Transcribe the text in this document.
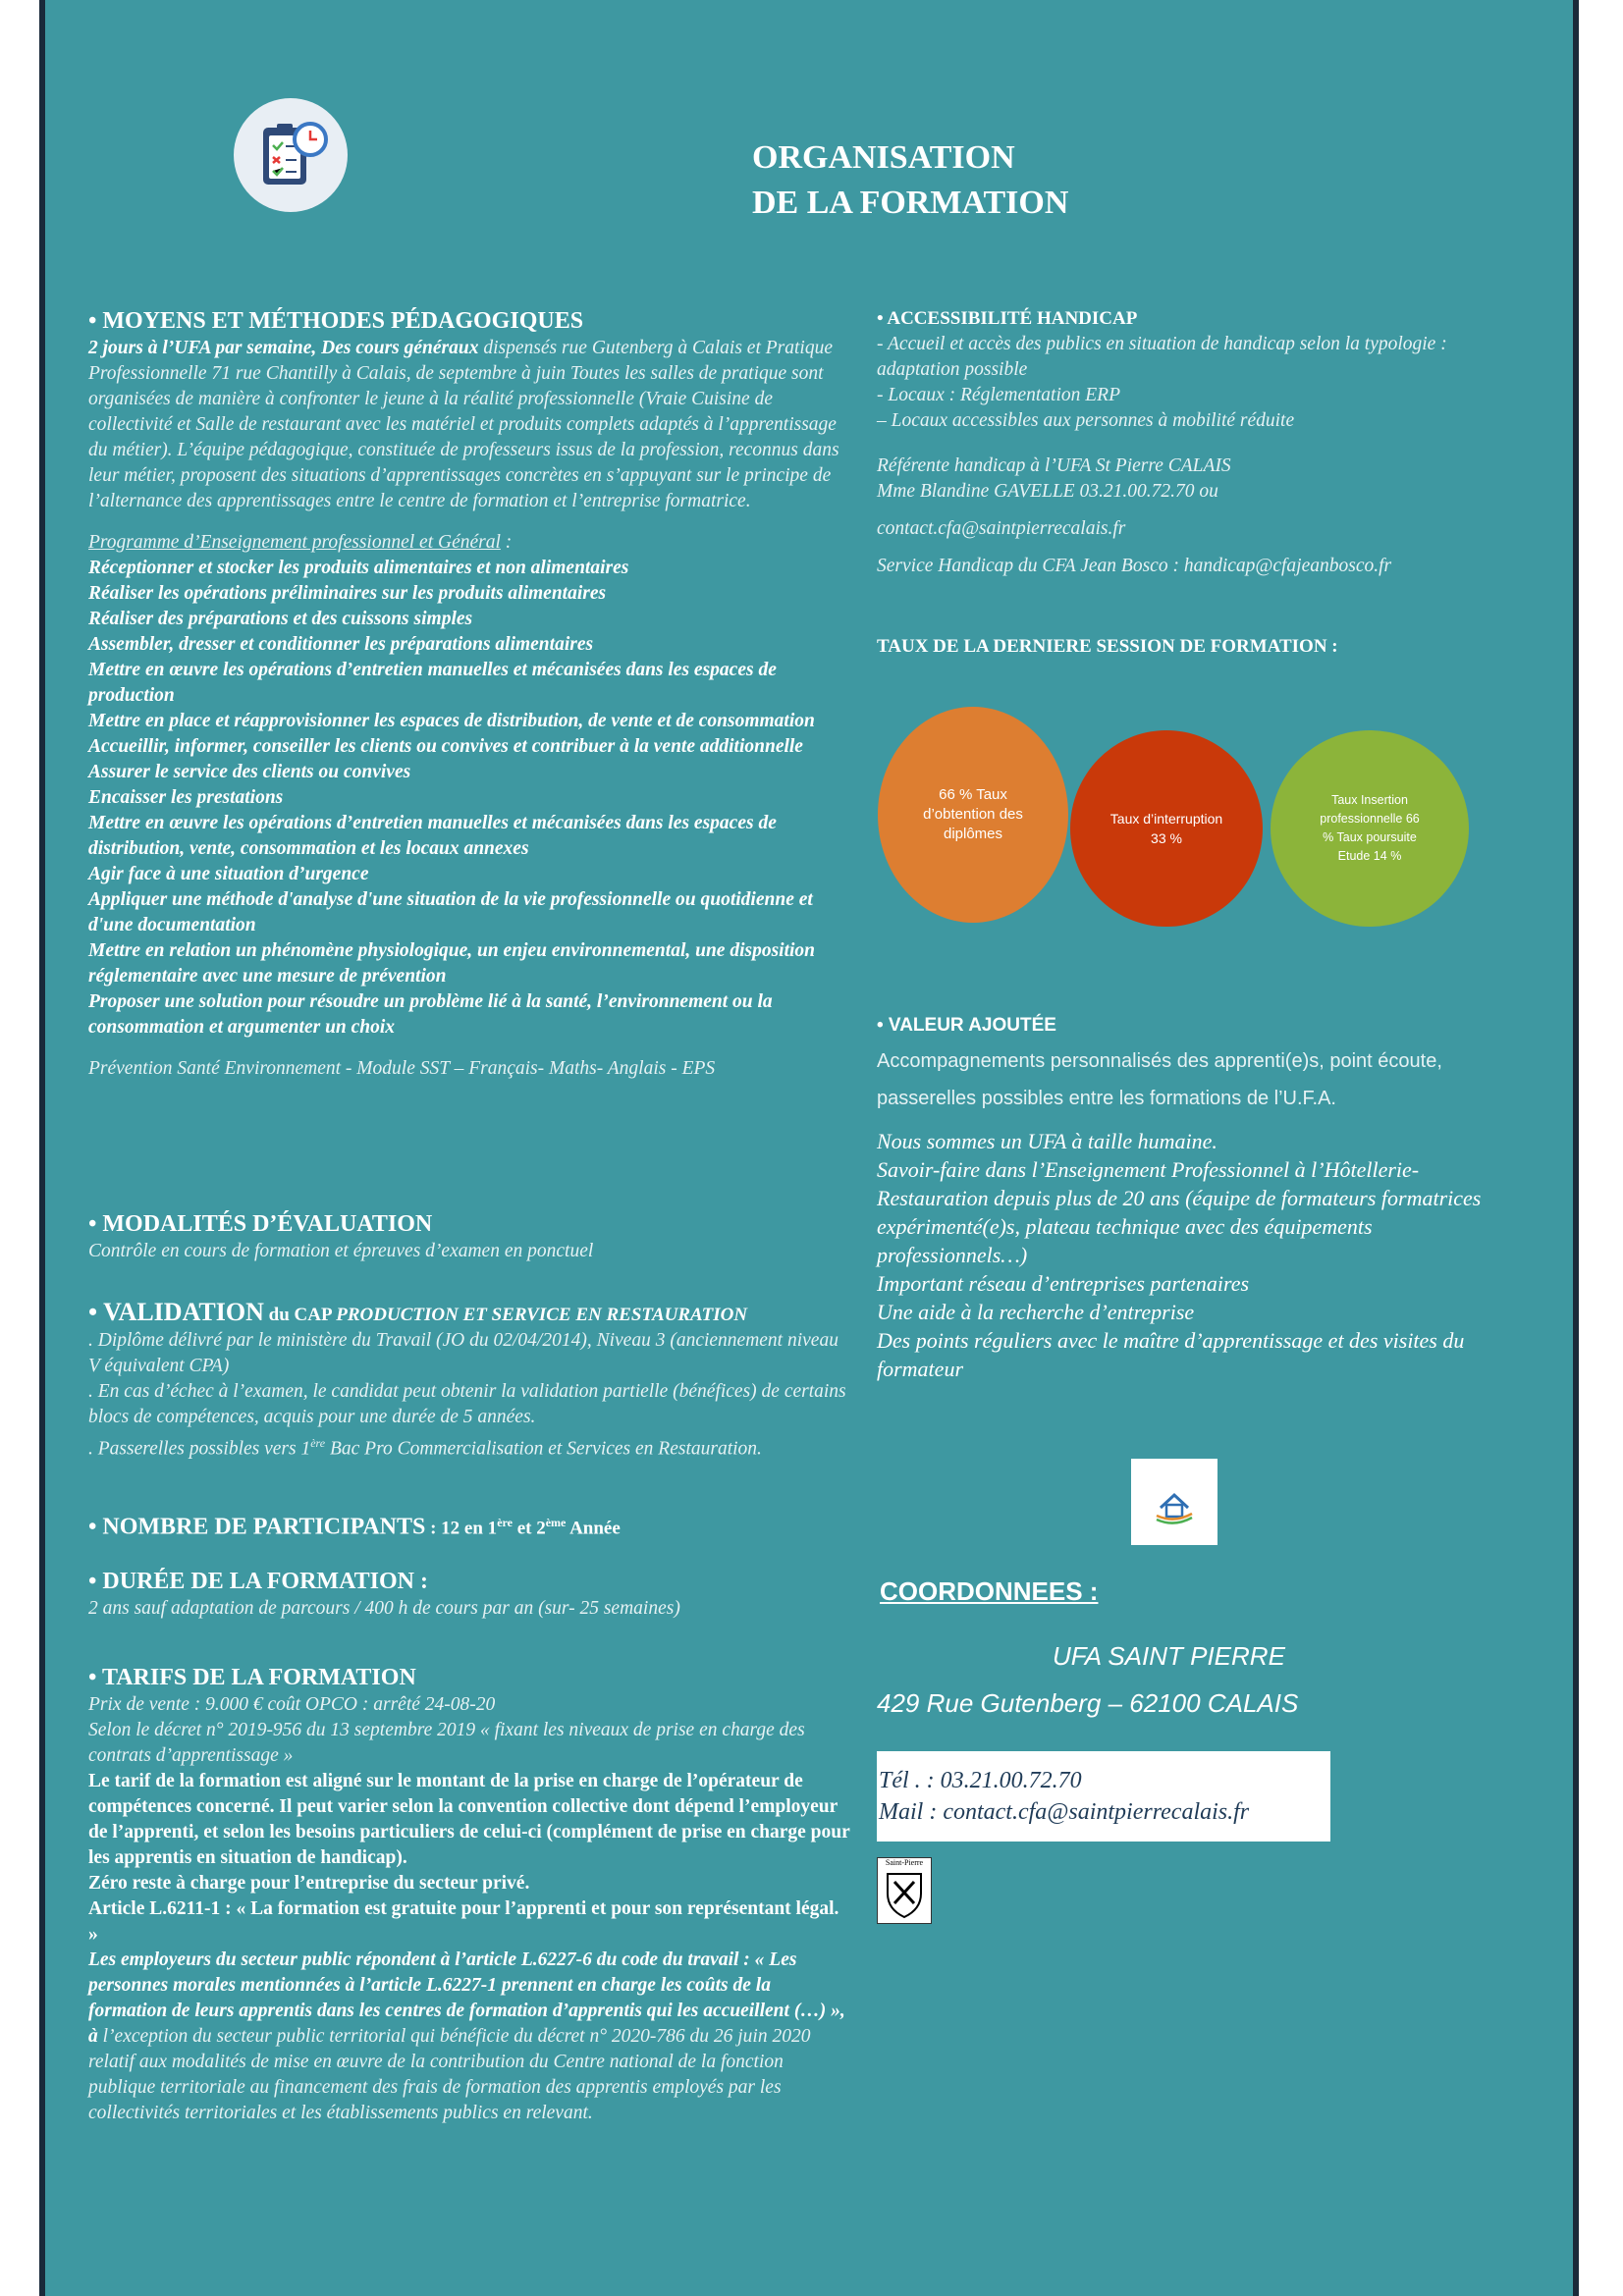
ORGANISATION
DE LA FORMATION

• MOYENS ET MÉTHODES PÉDAGOGIQUES

2 jours à l’UFA par semaine, Des cours généraux dispensés rue Gutenberg à Calais et Pratique Professionnelle 71 rue Chantilly à Calais, de septembre à juin Toutes les salles de pratique sont organisées de manière à confronter le jeune à la réalité professionnelle (Vraie Cuisine de collectivité et Salle de restaurant avec les matériel et produits complets adaptés à l’apprentissage du métier). L’équipe pédagogique, constituée de professeurs issus de la profession, reconnus dans leur métier, proposent des situations d’apprentissages concrètes en s’appuyant sur le principe de l’alternance des apprentissages entre le centre de formation et l’entreprise formatrice.

Programme d’Enseignement professionnel et Général :

Réceptionner et stocker les produits alimentaires et non alimentaires

Réaliser les opérations préliminaires sur les produits alimentaires

Réaliser des préparations et des cuissons simples

Assembler, dresser et conditionner les préparations alimentaires

Mettre en œuvre les opérations d’entretien manuelles et mécanisées dans les espaces de production

Mettre en place et réapprovisionner les espaces de distribution, de vente et de consommation

Accueillir, informer, conseiller les clients ou convives et contribuer à la vente additionnelle

Assurer le service des clients ou convives

Encaisser les prestations

Mettre en œuvre les opérations d’entretien manuelles et mécanisées dans les espaces de distribution, vente, consommation et les locaux annexes

Agir face à une situation d’urgence

Appliquer une méthode d'analyse d'une situation de la vie professionnelle ou quotidienne et d'une documentation

Mettre en relation un phénomène physiologique, un enjeu environnemental, une disposition réglementaire avec une mesure de prévention

Proposer une solution pour résoudre un problème lié à la santé, l’environnement ou la consommation et argumenter un choix

Prévention Santé Environnement - Module SST – Français- Maths- Anglais - EPS

• MODALITÉS D’ÉVALUATION

Contrôle en cours de formation et épreuves d’examen en ponctuel

• VALIDATION du CAP PRODUCTION ET SERVICE EN RESTAURATION

. Diplôme délivré par le ministère du Travail (JO du 02/04/2014), Niveau 3 (anciennement niveau V équivalent CPA)

. En cas d’échec à l’examen, le candidat peut obtenir la validation partielle (bénéfices) de certains blocs de compétences, acquis pour une durée de 5 années.

. Passerelles possibles vers 1ère Bac Pro Commercialisation et Services en Restauration.

• NOMBRE DE PARTICIPANTS : 12 en 1ère et 2ème Année

• DURÉE DE LA FORMATION :

2 ans sauf adaptation de parcours / 400 h de cours par an (sur- 25 semaines)

• TARIFS DE LA FORMATION

Prix de vente : 9.000 € coût OPCO : arrêté 24-08-20

Selon le décret n° 2019-956 du 13 septembre 2019 « fixant les niveaux de prise en charge des contrats d’apprentissage »

Le tarif de la formation est aligné sur le montant de la prise en charge de l’opérateur de compétences concerné. Il peut varier selon la convention collective dont dépend l’employeur de l’apprenti, et selon les besoins particuliers de celui-ci (complément de prise en charge pour les apprentis en situation de handicap).

Zéro reste à charge pour l’entreprise du secteur privé.

Article L.6211-1 : « La formation est gratuite pour l’apprenti et pour son représentant légal. »

Les employeurs du secteur public répondent à l’article L.6227-6 du code du travail : « Les personnes morales mentionnées à l’article L.6227-1 prennent en charge les coûts de la formation de leurs apprentis dans les centres de formation d’apprentis qui les accueillent (…) », à l’exception du secteur public territorial qui bénéficie du décret n° 2020-786 du 26 juin 2020 relatif aux modalités de mise en œuvre de la contribution du Centre national de la fonction publique territoriale au financement des frais de formation des apprentis employés par les collectivités territoriales et les établissements publics en relevant.

• ACCESSIBILITÉ HANDICAP

- Accueil et accès des publics en situation de handicap selon la typologie : adaptation possible

- Locaux : Réglementation ERP

– Locaux accessibles aux personnes à mobilité réduite

Référente handicap à l’UFA St Pierre CALAIS

Mme Blandine GAVELLE 03.21.00.72.70 ou

contact.cfa@saintpierrecalais.fr

Service Handicap du CFA Jean Bosco : handicap@cfajeanbosco.fr

TAUX DE LA DERNIERE SESSION DE FORMATION :

66 % Taux d’obtention des diplômes
Taux d’interruption 33 %
Taux Insertion professionnelle 66 % Taux poursuite Etude 14 %

• VALEUR AJOUTÉE

Accompagnements personnalisés des apprenti(e)s, point écoute,

passerelles possibles entre les formations de l’U.F.A.

Nous sommes un UFA à taille humaine.

Savoir-faire dans l’Enseignement Professionnel à l’Hôtellerie-Restauration depuis plus de 20 ans (équipe de formateurs formatrices expérimenté(e)s, plateau technique avec des équipements professionnels…)

Important réseau d’entreprises partenaires

Une aide à la recherche d’entreprise

Des points réguliers avec le maître d’apprentissage et des visites du formateur

COORDONNEES :
UFA SAINT PIERRE
429 Rue Gutenberg – 62100 CALAIS

Tél . : 03.21.00.72.70

Mail : contact.cfa@saintpierrecalais.fr

Saint-Pierre
